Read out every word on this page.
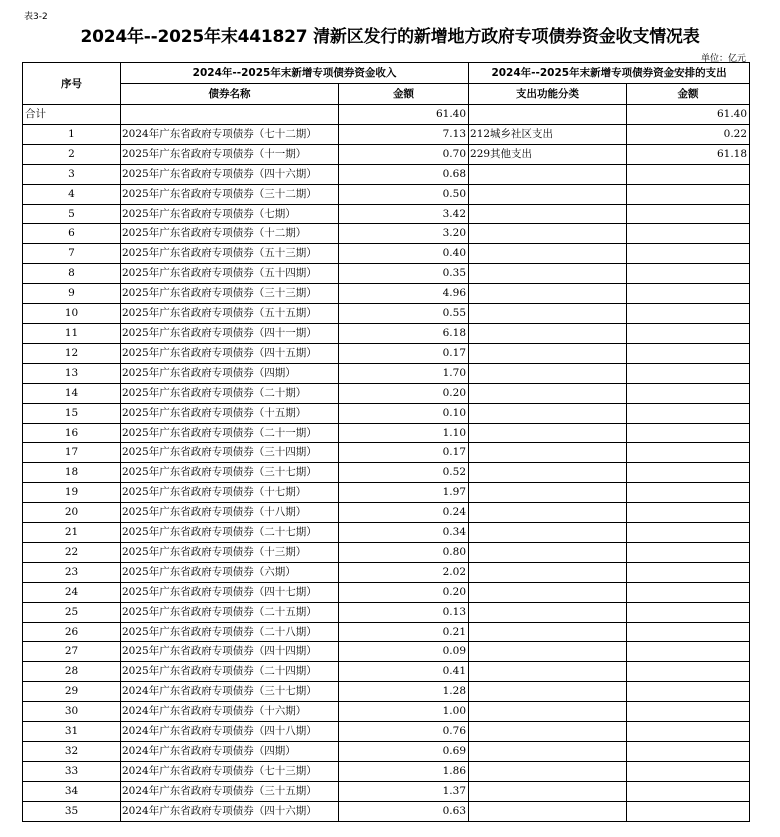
表3-2
2024年--2025年末441827 清新区发行的新增地方政府专项债券资金收支情况表
单位：亿元
序号	2024年--2025年末新增专项债券资金收入		2024年--2025年末新增专项债券资金安排的支出	
	债券名称	金额	支出功能分类	金额
合计		61.40		61.40
1	2024年广东省政府专项债券（七十二期）	7.13	212城乡社区支出	0.22
2	2025年广东省政府专项债券（十一期）	0.70	229其他支出	61.18
3	2025年广东省政府专项债券（四十六期）	0.68		
4	2025年广东省政府专项债券（三十二期）	0.50		
5	2025年广东省政府专项债券（七期）	3.42		
6	2025年广东省政府专项债券（十二期）	3.20		
7	2025年广东省政府专项债券（五十三期）	0.40		
8	2025年广东省政府专项债券（五十四期）	0.35		
9	2025年广东省政府专项债券（三十三期）	4.96		
10	2025年广东省政府专项债券（五十五期）	0.55		
11	2025年广东省政府专项债券（四十一期）	6.18		
12	2025年广东省政府专项债券（四十五期）	0.17		
13	2025年广东省政府专项债券（四期）	1.70		
14	2025年广东省政府专项债券（二十期）	0.20		
15	2025年广东省政府专项债券（十五期）	0.10		
16	2025年广东省政府专项债券（二十一期）	1.10		
17	2025年广东省政府专项债券（三十四期）	0.17		
18	2025年广东省政府专项债券（三十七期）	0.52		
19	2025年广东省政府专项债券（十七期）	1.97		
20	2025年广东省政府专项债券（十八期）	0.24		
21	2025年广东省政府专项债券（二十七期）	0.34		
22	2025年广东省政府专项债券（十三期）	0.80		
23	2025年广东省政府专项债券（六期）	2.02		
24	2025年广东省政府专项债券（四十七期）	0.20		
25	2025年广东省政府专项债券（二十五期）	0.13		
26	2025年广东省政府专项债券（二十八期）	0.21		
27	2025年广东省政府专项债券（四十四期）	0.09		
28	2025年广东省政府专项债券（二十四期）	0.41		
29	2024年广东省政府专项债券（三十七期）	1.28		
30	2024年广东省政府专项债券（十六期）	1.00		
31	2024年广东省政府专项债券（四十八期）	0.76		
32	2024年广东省政府专项债券（四期）	0.69		
33	2024年广东省政府专项债券（七十三期）	1.86		
34	2024年广东省政府专项债券（三十五期）	1.37		
35	2024年广东省政府专项债券（四十六期）	0.63		
